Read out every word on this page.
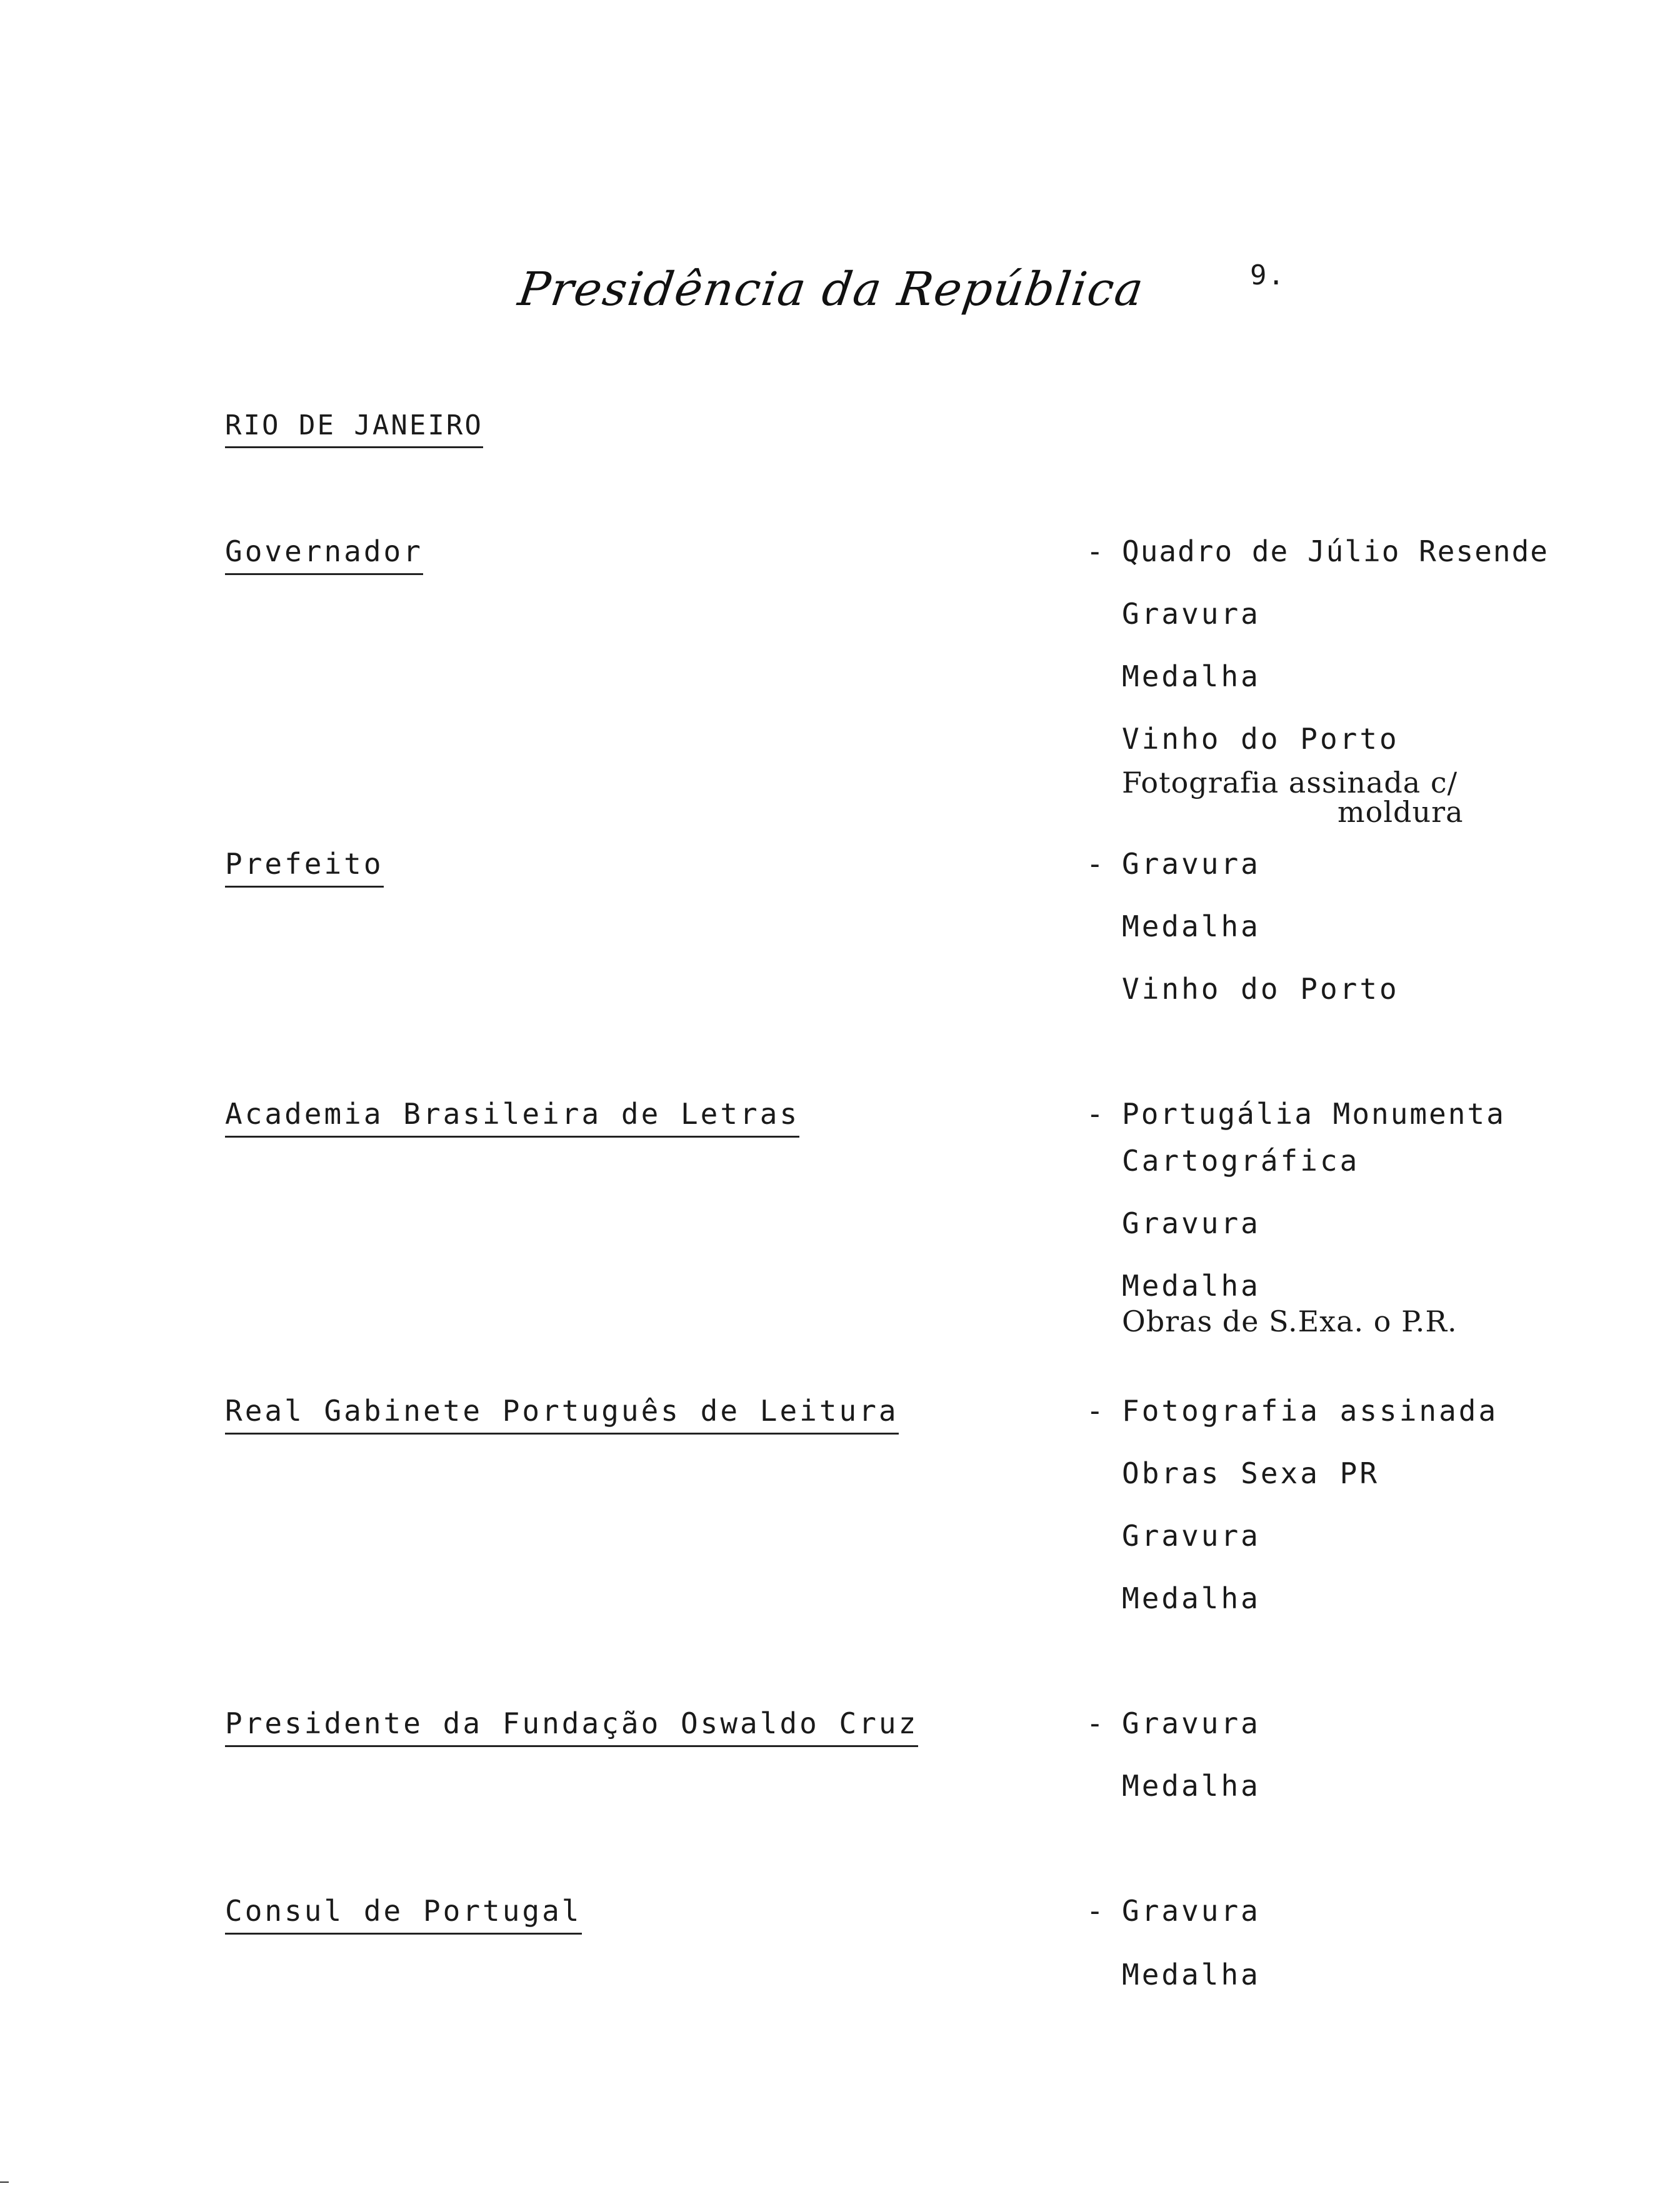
Presidência da República	9.
RIO DE JANEIRO
Governador	- Quadro de Júlio Resende
Gravura
Medalha
Vinho do Porto
Fotografia assinada c/
moldura
Prefeito	- Gravura
Medalha
Vinho do Porto
Academia Brasileira de Letras	- Portugália Monumenta
Cartográfica
Gravura
Medalha
Obras de S.Exa. o P.R.
Real Gabinete Português de Leitura	- Fotografia assinada
Obras Sexa PR
Gravura
Medalha
Presidente da Fundação Oswaldo Cruz	- Gravura
Medalha
Consul de Portugal	- Gravura
Medalha
